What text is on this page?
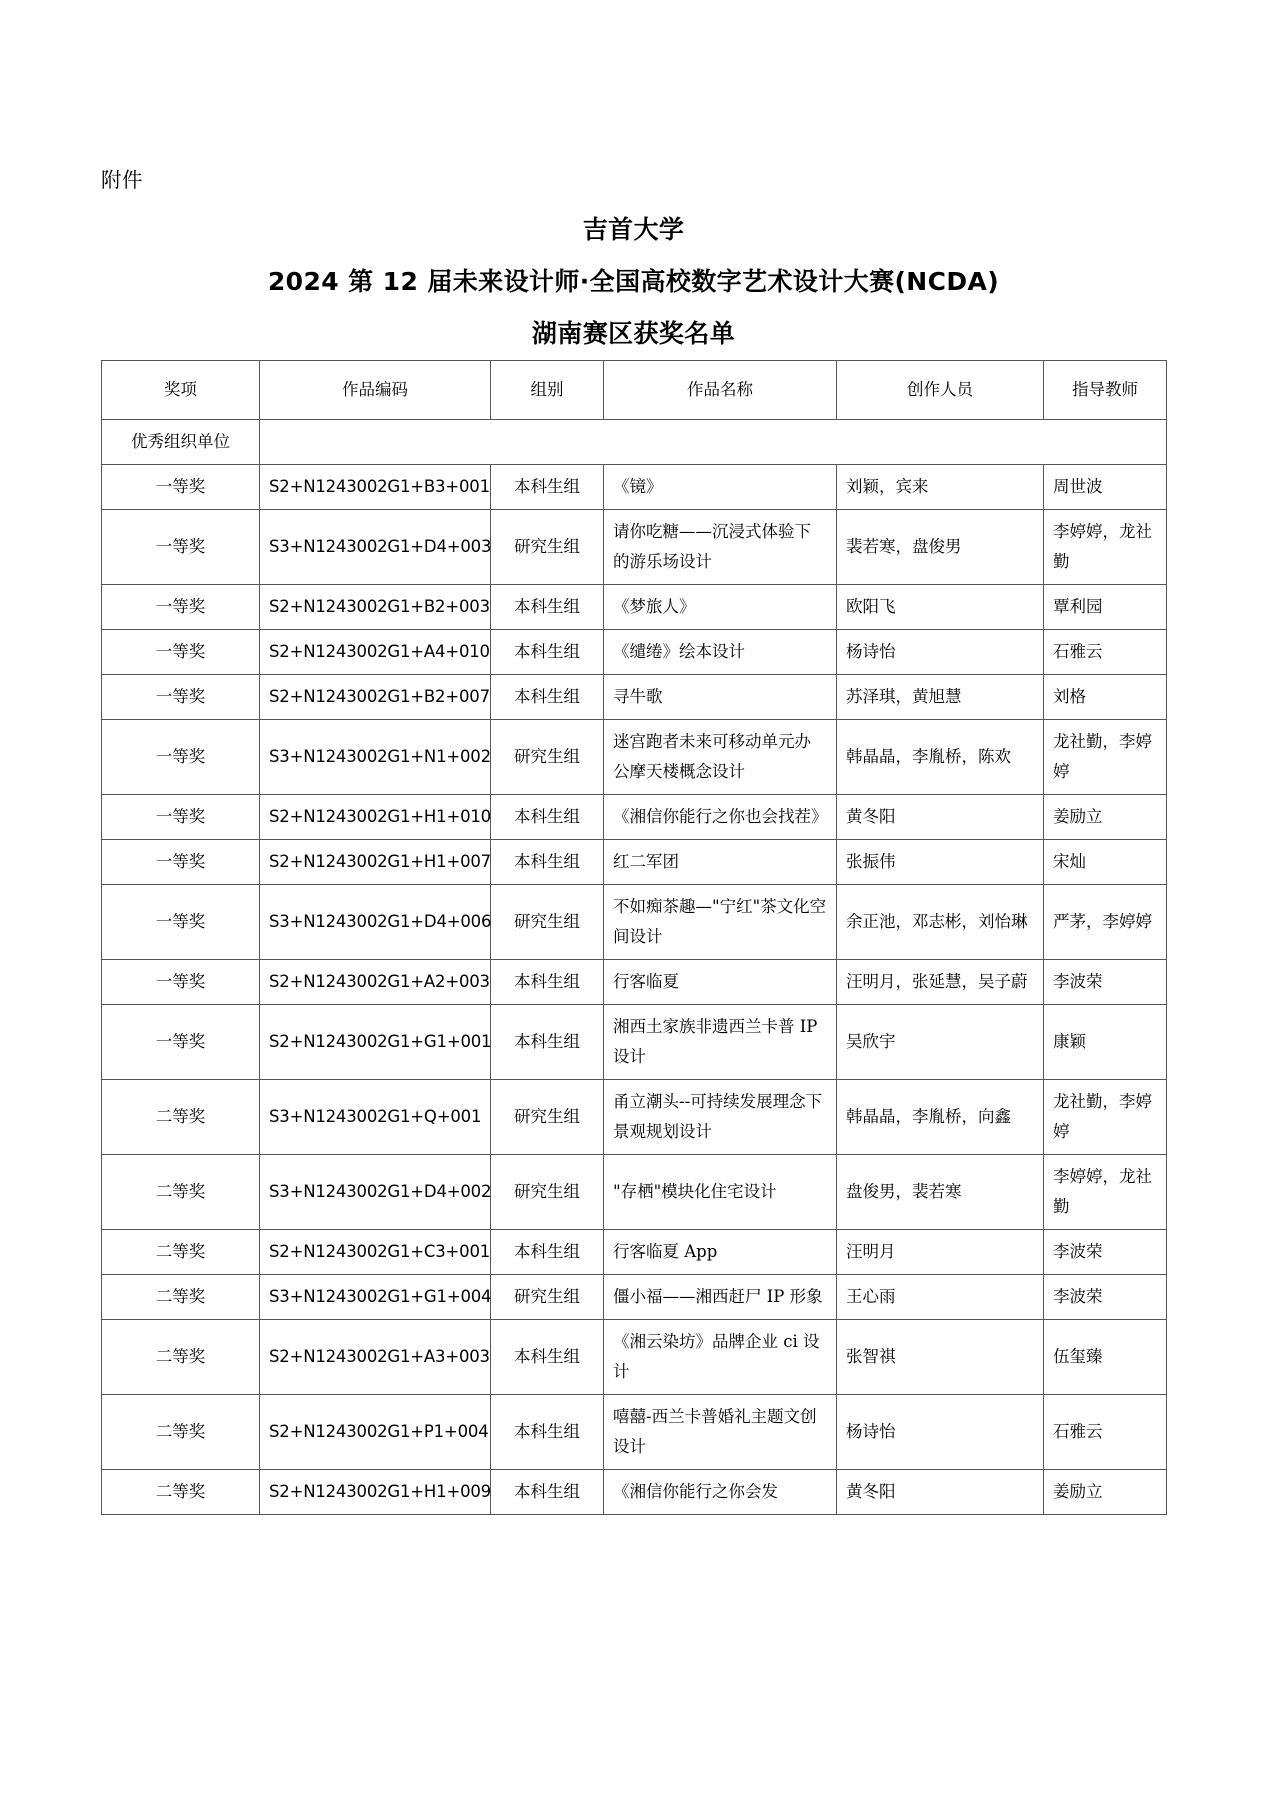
附件
吉首大学
2024 第 12 届未来设计师·全国高校数字艺术设计大赛(NCDA)
湖南赛区获奖名单
奖项	作品编码	组别	作品名称	创作人员	指导教师
优秀组织单位					
一等奖	S2+N1243002G1+B3+001	本科生组	《镜》	刘颖，宾来	周世波
一等奖	S3+N1243002G1+D4+003	研究生组	请你吃糖——沉浸式体验下的游乐场设计	裴若寒，盘俊男	李婷婷，龙社勤
一等奖	S2+N1243002G1+B2+003	本科生组	《梦旅人》	欧阳飞	覃利园
一等奖	S2+N1243002G1+A4+010	本科生组	《缱绻》绘本设计	杨诗怡	石雅云
一等奖	S2+N1243002G1+B2+007	本科生组	寻牛歌	苏泽琪，黄旭慧	刘格
一等奖	S3+N1243002G1+N1+002	研究生组	迷宫跑者未来可移动单元办公摩天楼概念设计	韩晶晶，李胤桥，陈欢	龙社勤，李婷婷
一等奖	S2+N1243002G1+H1+010	本科生组	《湘信你能行之你也会找茬》	黄冬阳	姜励立
一等奖	S2+N1243002G1+H1+007	本科生组	红二军团	张振伟	宋灿
一等奖	S3+N1243002G1+D4+006	研究生组	不如痴茶趣—"宁红"茶文化空间设计	余正池，邓志彬，刘怡琳	严茅，李婷婷
一等奖	S2+N1243002G1+A2+003	本科生组	行客临夏	汪明月，张延慧，吴子蔚	李波荣
一等奖	S2+N1243002G1+G1+001	本科生组	湘西土家族非遗西兰卡普 IP 设计	吴欣宇	康颖
二等奖	S3+N1243002G1+Q+001	研究生组	甬立潮头--可持续发展理念下景观规划设计	韩晶晶，李胤桥，向鑫	龙社勤，李婷婷
二等奖	S3+N1243002G1+D4+002	研究生组	"存栖"模块化住宅设计	盘俊男，裴若寒	李婷婷，龙社勤
二等奖	S2+N1243002G1+C3+001	本科生组	行客临夏 App	汪明月	李波荣
二等奖	S3+N1243002G1+G1+004	研究生组	僵小福——湘西赶尸 IP 形象	王心雨	李波荣
二等奖	S2+N1243002G1+A3+003	本科生组	《湘云染坊》品牌企业 ci 设计	张智祺	伍玺臻
二等奖	S2+N1243002G1+P1+004	本科生组	嘻囍-西兰卡普婚礼主题文创设计	杨诗怡	石雅云
二等奖	S2+N1243002G1+H1+009	本科生组	《湘信你能行之你会发	黄冬阳	姜励立
